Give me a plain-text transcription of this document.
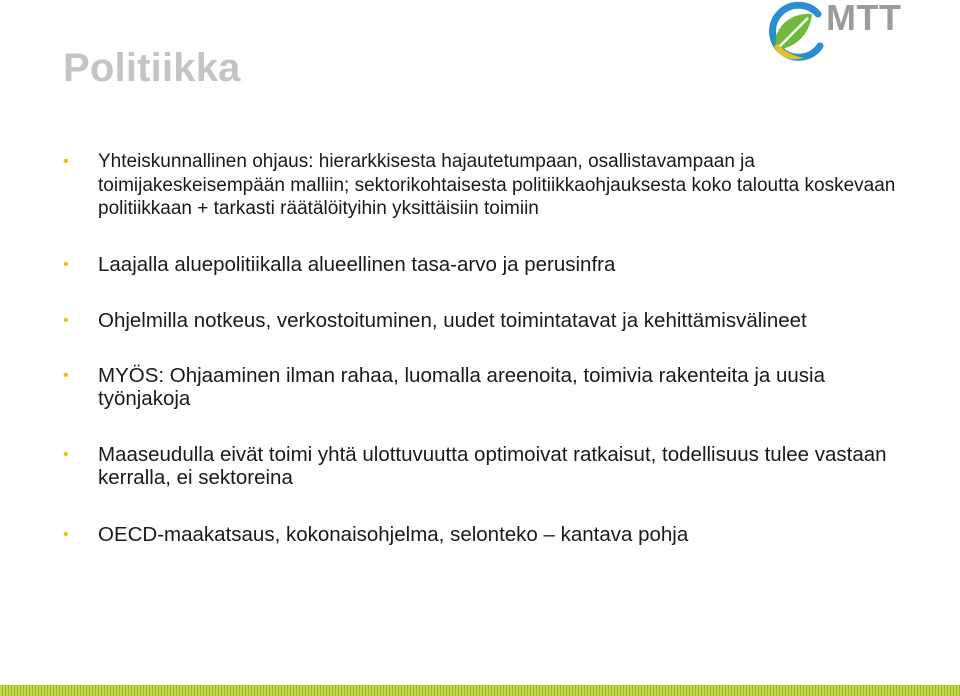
Politiikka
MTT
• Yhteiskunnallinen ohjaus: hierarkkisesta hajautetumpaan, osallistavampaan ja toimijakeskeisempään malliin; sektorikohtaisesta politiikkaohjauksesta koko taloutta koskevaan politiikkaan + tarkasti räätälöityihin yksittäisiin toimiin
• Laajalla aluepolitiikalla alueellinen tasa-arvo ja perusinfra
• Ohjelmilla notkeus, verkostoituminen, uudet toimintatavat ja kehittämisvälineet
• MYÖS: Ohjaaminen ilman rahaa, luomalla areenoita, toimivia rakenteita ja uusia työnjakoja
• Maaseudulla eivät toimi yhtä ulottuvuutta optimoivat ratkaisut, todellisuus tulee vastaan kerralla, ei sektoreina
• OECD-maakatsaus, kokonaisohjelma, selonteko – kantava pohja
